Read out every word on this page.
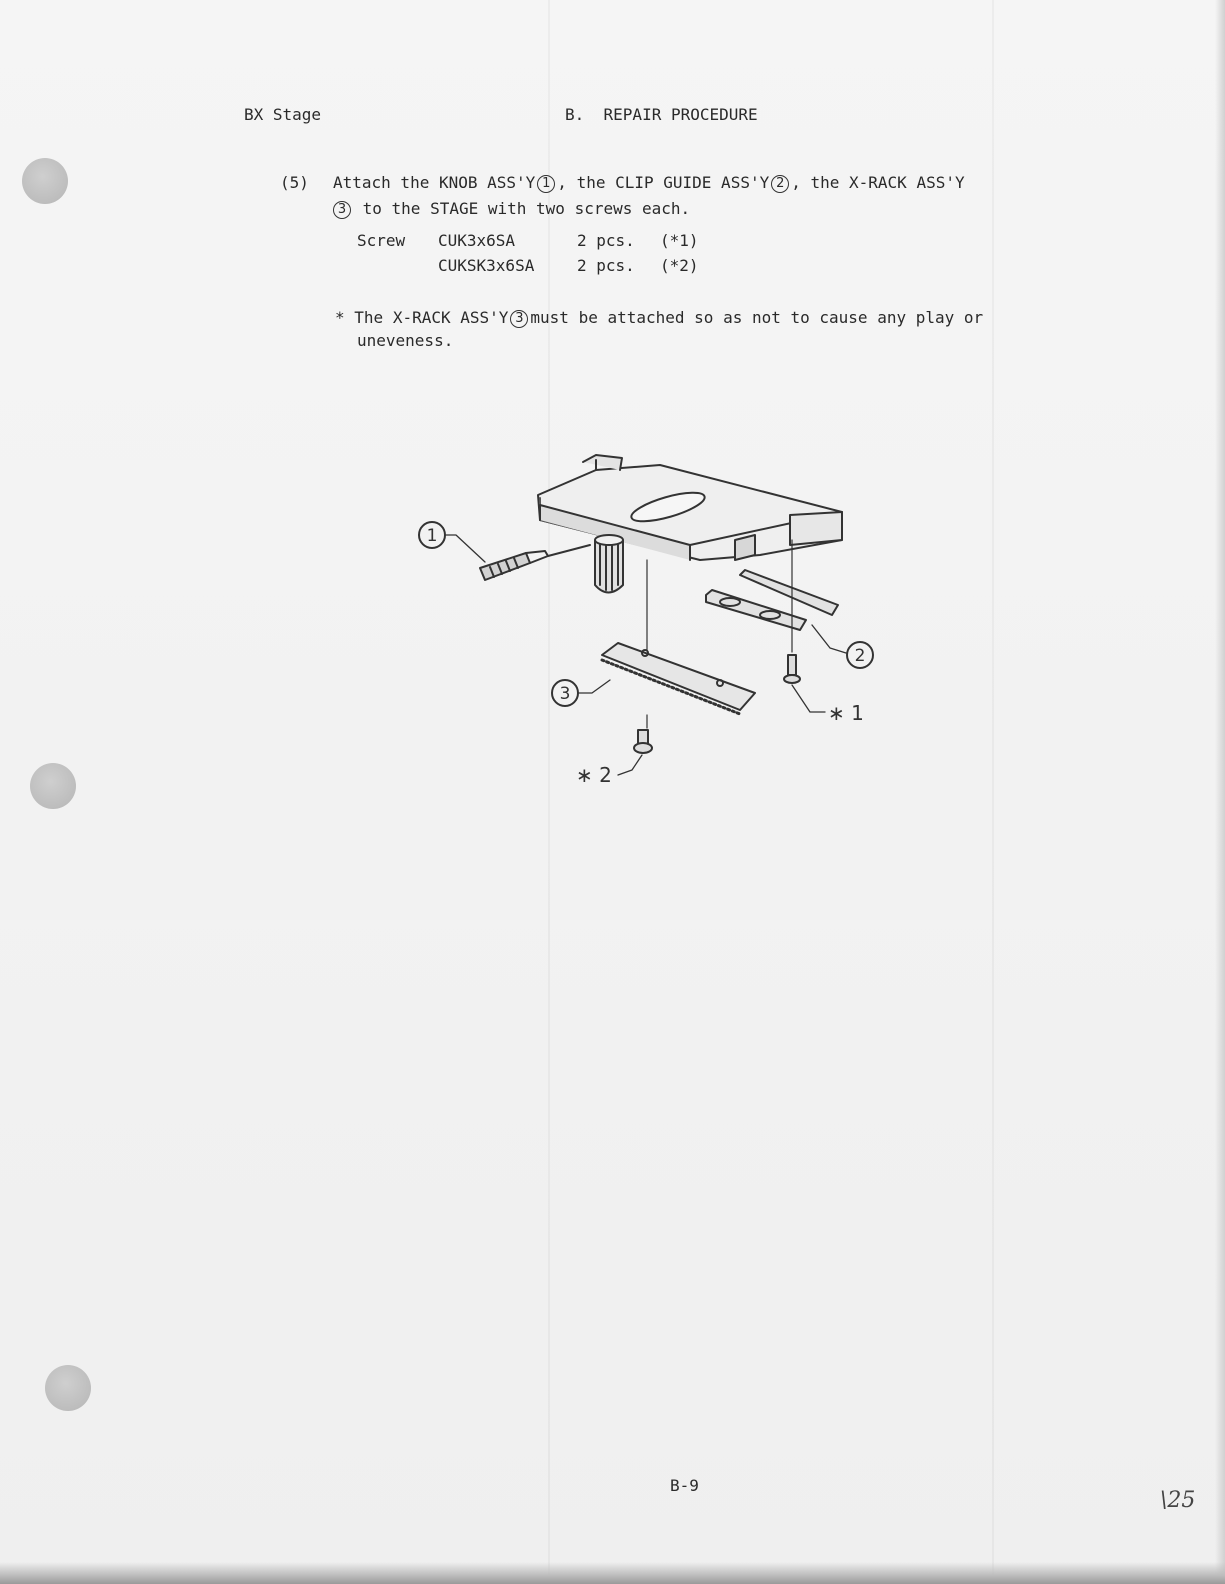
BX Stage	B.  REPAIR PROCEDURE
(5) Attach the KNOB ASS'Y 1 , the CLIP GUIDE ASS'Y 2 , the X-RACK ASS'Y
3 to the STAGE with two screws each.
Screw CUK3x6SA	2 pcs. (*1)
CUKSK3x6SA	2 pcs. (*2)
* The X-RACK ASS'Y 3 must be attached so as not to cause any play or
uneveness.
1
2
3
∗ 1
∗ 2
B-9
\25
